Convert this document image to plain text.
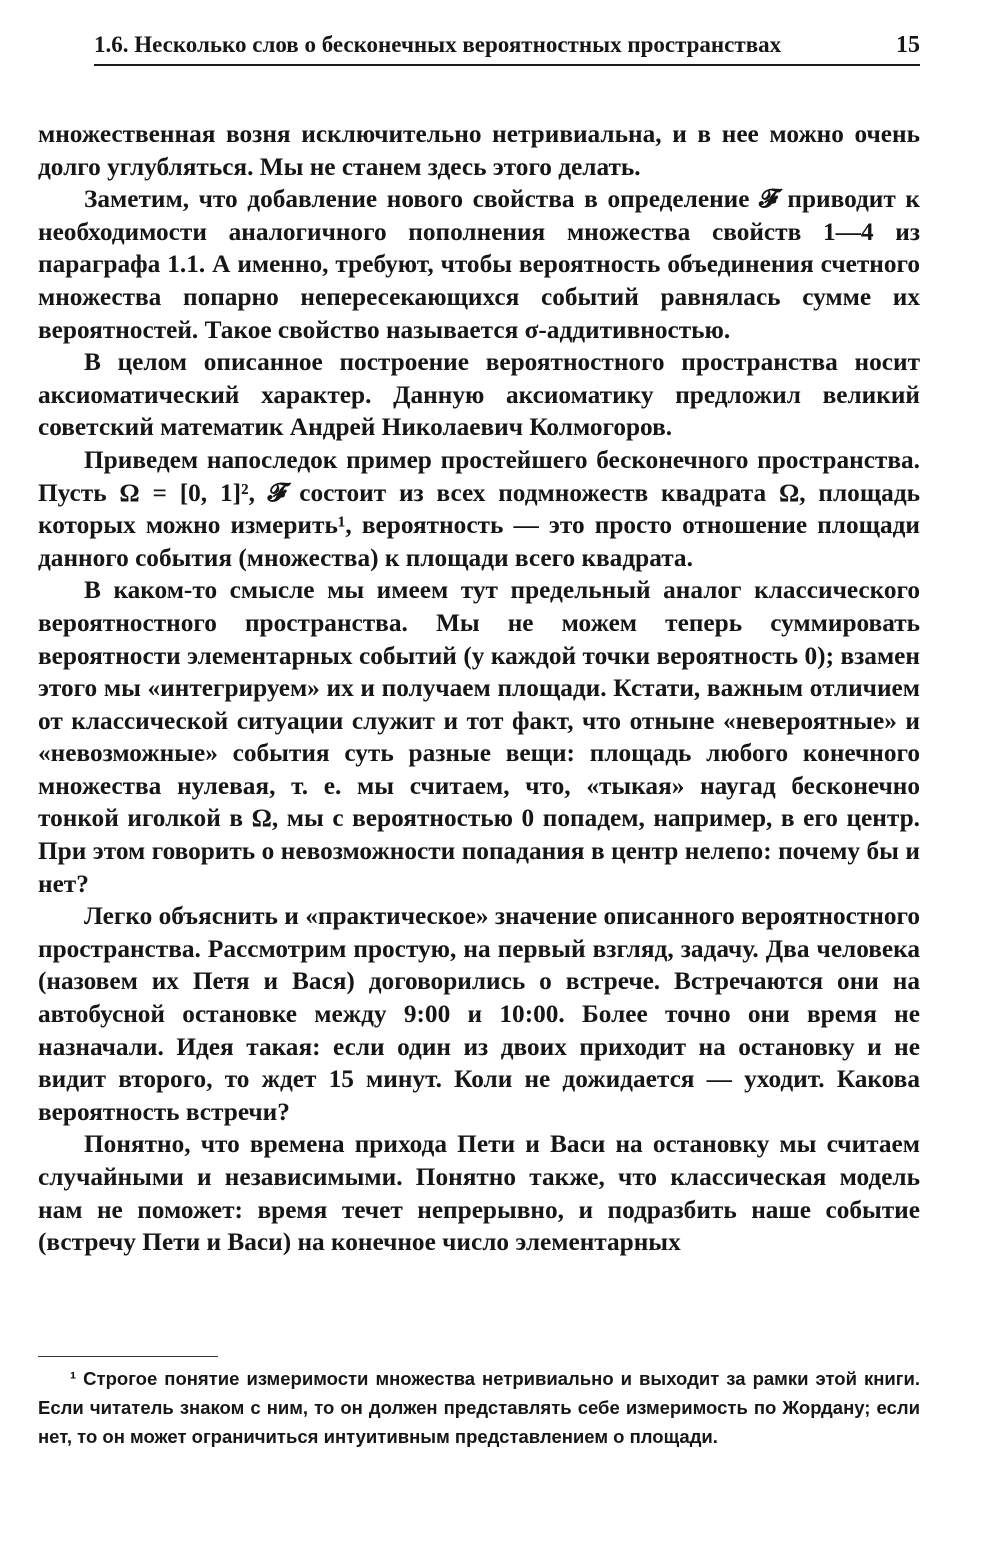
1.6. Несколько слов о бесконечных вероятностных пространствах	15

множественная возня исключительно нетривиальна, и в нее можно очень долго углубляться. Мы не станем здесь этого делать.

Заметим, что добавление нового свойства в определение 𝓕 приводит к необходимости аналогичного пополнения множества свойств 1—4 из параграфа 1.1. А именно, требуют, чтобы вероятность объединения счетного множества попарно непересекающихся событий равнялась сумме их вероятностей. Такое свойство называется σ-аддитивностью.

В целом описанное построение вероятностного пространства носит аксиоматический характер. Данную аксиоматику предложил великий советский математик Андрей Николаевич Колмогоров.

Приведем напоследок пример простейшего бесконечного пространства. Пусть Ω = [0, 1]², 𝓕 состоит из всех подмножеств квадрата Ω, площадь которых можно измерить¹, вероятность — это просто отношение площади данного события (множества) к площади всего квадрата.

В каком-то смысле мы имеем тут предельный аналог классического вероятностного пространства. Мы не можем теперь суммировать вероятности элементарных событий (у каждой точки вероятность 0); взамен этого мы «интегрируем» их и получаем площади. Кстати, важным отличием от классической ситуации служит и тот факт, что отныне «невероятные» и «невозможные» события суть разные вещи: площадь любого конечного множества нулевая, т. е. мы считаем, что, «тыкая» наугад бесконечно тонкой иголкой в Ω, мы с вероятностью 0 попадем, например, в его центр. При этом говорить о невозможности попадания в центр нелепо: почему бы и нет?

Легко объяснить и «практическое» значение описанного вероятностного пространства. Рассмотрим простую, на первый взгляд, задачу. Два человека (назовем их Петя и Вася) договорились о встрече. Встречаются они на автобусной остановке между 9:00 и 10:00. Более точно они время не назначали. Идея такая: если один из двоих приходит на остановку и не видит второго, то ждет 15 минут. Коли не дожидается — уходит. Какова вероятность встречи?

Понятно, что времена прихода Пети и Васи на остановку мы считаем случайными и независимыми. Понятно также, что классическая модель нам не поможет: время течет непрерывно, и подразбить наше событие (встречу Пети и Васи) на конечное число элементарных

¹ Строгое понятие измеримости множества нетривиально и выходит за рамки этой книги. Если читатель знаком с ним, то он должен представлять себе измеримость по Жордану; если нет, то он может ограничиться интуитивным представлением о площади.
